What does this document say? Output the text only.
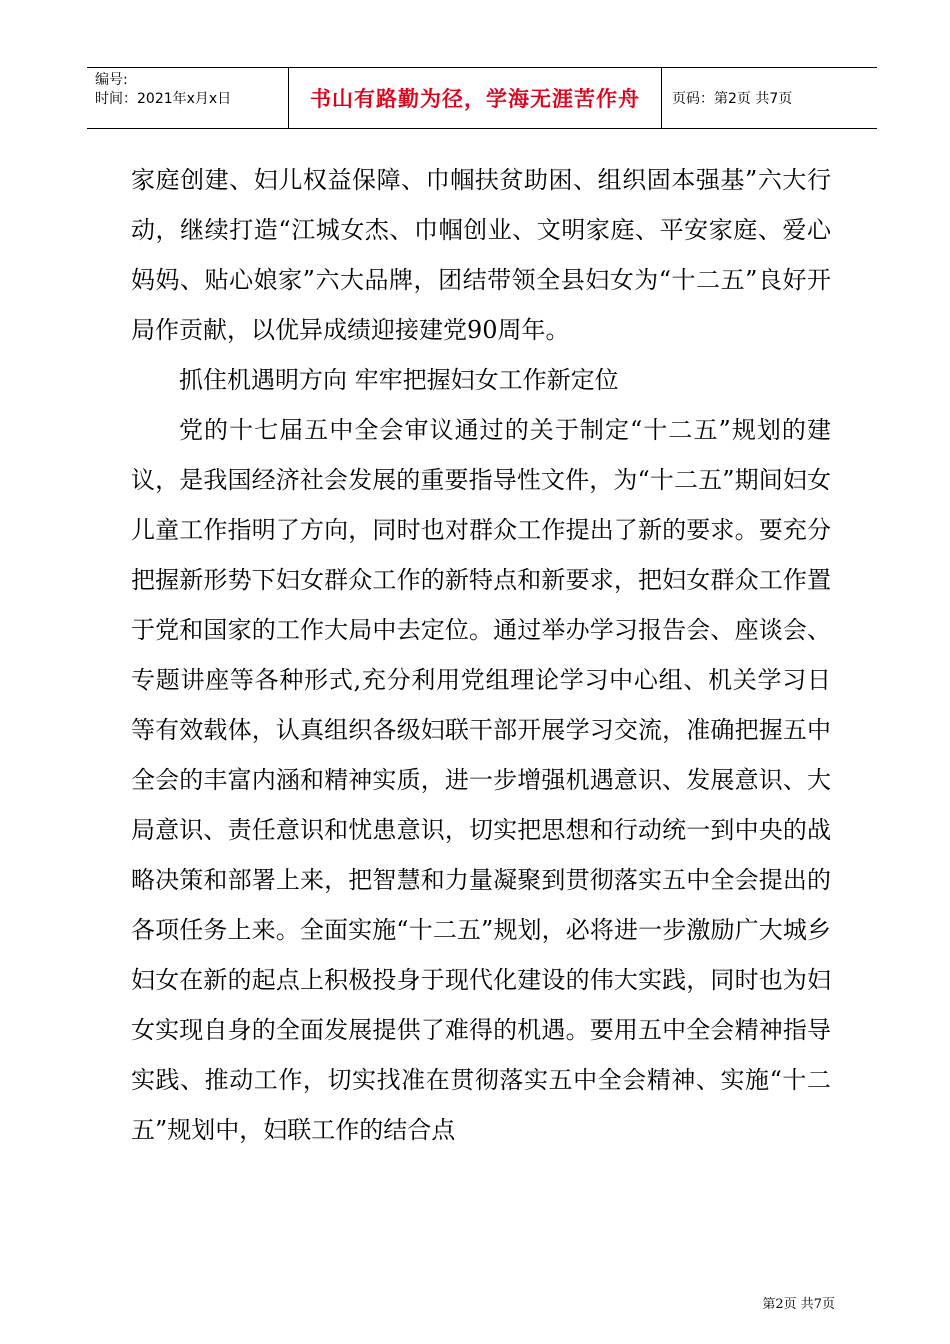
编号:
时间：2021年x月x日	书山有路勤为径，学海无涯苦作舟	页码：第2页 共7页

家庭创建、妇儿权益保障、巾帼扶贫助困、组织固本强基”六大行动，继续打造“江城女杰、巾帼创业、文明家庭、平安家庭、爱心妈妈、贴心娘家”六大品牌，团结带领全县妇女为“十二五”良好开局作贡献，以优异成绩迎接建党90周年。

抓住机遇明方向 牢牢把握妇女工作新定位

党的十七届五中全会审议通过的关于制定“十二五”规划的建议，是我国经济社会发展的重要指导性文件，为“十二五”期间妇女儿童工作指明了方向，同时也对群众工作提出了新的要求。要充分把握新形势下妇女群众工作的新特点和新要求，把妇女群众工作置于党和国家的工作大局中去定位。通过举办学习报告会、座谈会、专题讲座等各种形式,充分利用党组理论学习中心组、机关学习日等有效载体，认真组织各级妇联干部开展学习交流，准确把握五中全会的丰富内涵和精神实质，进一步增强机遇意识、发展意识、大局意识、责任意识和忧患意识，切实把思想和行动统一到中央的战略决策和部署上来，把智慧和力量凝聚到贯彻落实五中全会提出的各项任务上来。全面实施“十二五”规划，必将进一步激励广大城乡妇女在新的起点上积极投身于现代化建设的伟大实践，同时也为妇女实现自身的全面发展提供了难得的机遇。要用五中全会精神指导实践、推动工作，切实找准在贯彻落实五中全会精神、实施“十二五”规划中，妇联工作的结合点

第2页 共7页
